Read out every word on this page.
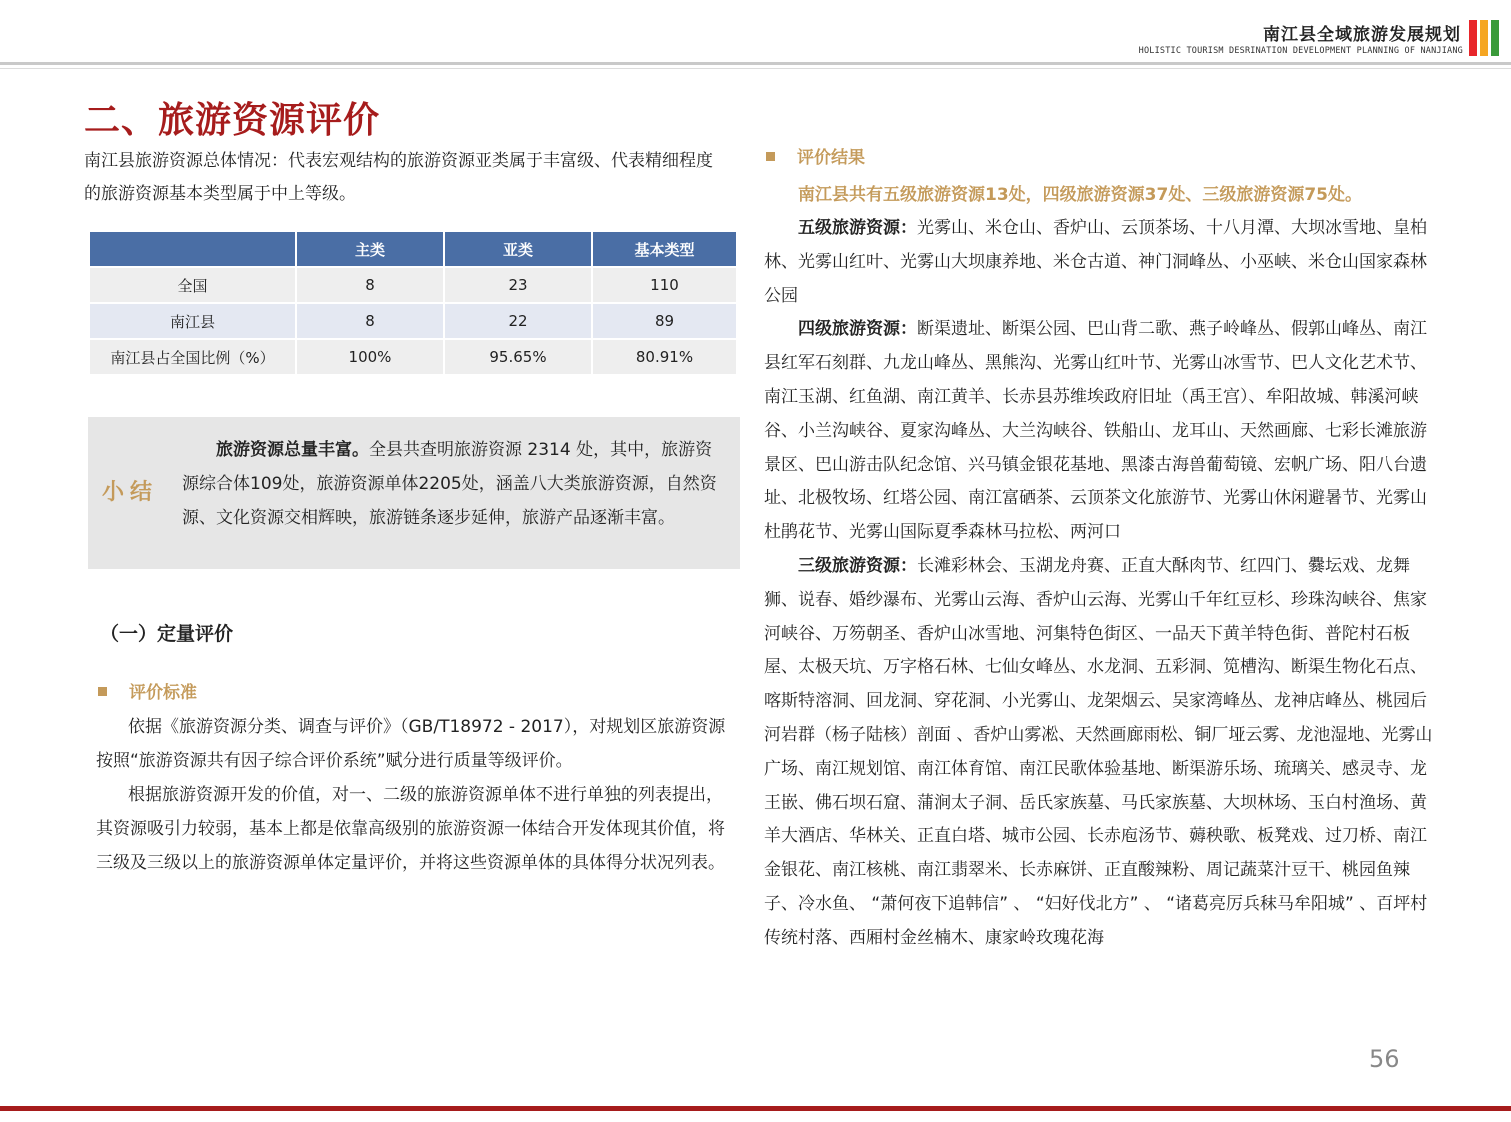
南江县全域旅游发展规划
HOLISTIC TOURISM DESRINATION DEVELOPMENT PLANNING OF NANJIANG
二、旅游资源评价
南江县旅游资源总体情况：代表宏观结构的旅游资源亚类属于丰富级、代表精细程度的旅游资源基本类型属于中上等级。
	主类	亚类	基本类型
全国	8	23	110
南江县	8	22	89
南江县占全国比例（%）	100%	95.65%	80.91%
小结
旅游资源总量丰富。全县共查明旅游资源 2314 处，其中，旅游资源综合体109处，旅游资源单体2205处，涵盖八大类旅游资源，自然资源、文化资源交相辉映，旅游链条逐步延伸，旅游产品逐渐丰富。
（一）定量评价
评价标准

依据《旅游资源分类、调查与评价》（GB/T18972 - 2017），对规划区旅游资源按照“旅游资源共有因子综合评价系统”赋分进行质量等级评价。

根据旅游资源开发的价值，对一、二级的旅游资源单体不进行单独的列表提出，其资源吸引力较弱，基本上都是依靠高级别的旅游资源一体结合开发体现其价值，将三级及三级以上的旅游资源单体定量评价，并将这些资源单体的具体得分状况列表。

评价结果
南江县共有五级旅游资源13处，四级旅游资源37处、三级旅游资源75处。

五级旅游资源：光雾山、米仓山、香炉山、云顶茶场、十八月潭、大坝冰雪地、皇柏林、光雾山红叶、光雾山大坝康养地、米仓古道、神门洞峰丛、小巫峡、米仓山国家森林公园

四级旅游资源：断渠遗址、断渠公园、巴山背二歌、燕子岭峰丛、假郭山峰丛、南江县红军石刻群、九龙山峰丛、黑熊沟、光雾山红叶节、光雾山冰雪节、巴人文化艺术节、南江玉湖、红鱼湖、南江黄羊、长赤县苏维埃政府旧址（禹王宫）、牟阳故城、韩溪河峡谷、小兰沟峡谷、夏家沟峰丛、大兰沟峡谷、铁船山、龙耳山、天然画廊、七彩长滩旅游景区、巴山游击队纪念馆、兴马镇金银花基地、黑漆古海兽葡萄镜、宏帆广场、阳八台遗址、北极牧场、红塔公园、南江富硒茶、云顶茶文化旅游节、光雾山休闲避暑节、光雾山杜鹃花节、光雾山国际夏季森林马拉松、两河口

三级旅游资源：长滩彩林会、玉湖龙舟赛、正直大酥肉节、红四门、爨坛戏、龙舞狮、说春、婚纱瀑布、光雾山云海、香炉山云海、光雾山千年红豆杉、珍珠沟峡谷、焦家河峡谷、万笏朝圣、香炉山冰雪地、河集特色街区、一品天下黄羊特色街、普陀村石板屋、太极天坑、万字格石林、七仙女峰丛、水龙洞、五彩洞、笕槽沟、断渠生物化石点、喀斯特溶洞、回龙洞、穿花洞、小光雾山、龙架烟云、吴家湾峰丛、龙神店峰丛、桃园后河岩群（杨子陆核）剖面 、香炉山雾凇、天然画廊雨松、铜厂垭云雾、龙池湿地、光雾山广场、南江规划馆、南江体育馆、南江民歌体验基地、断渠游乐场、琉璃关、感灵寺、龙王嵌、佛石坝石窟、蒲涧太子洞、岳氏家族墓、马氏家族墓、大坝林场、玉白村渔场、黄羊大酒店、华林关、正直白塔、城市公园、长赤庖汤节、薅秧歌、板凳戏、过刀桥、南江金银花、南江核桃、南江翡翠米、长赤麻饼、正直酸辣粉、周记蔬菜汁豆干、桃园鱼辣子、冷水鱼、 “萧何夜下追韩信” 、 “妇好伐北方” 、 “诸葛亮厉兵秣马牟阳城” 、百坪村传统村落、西厢村金丝楠木、康家岭玫瑰花海

56
